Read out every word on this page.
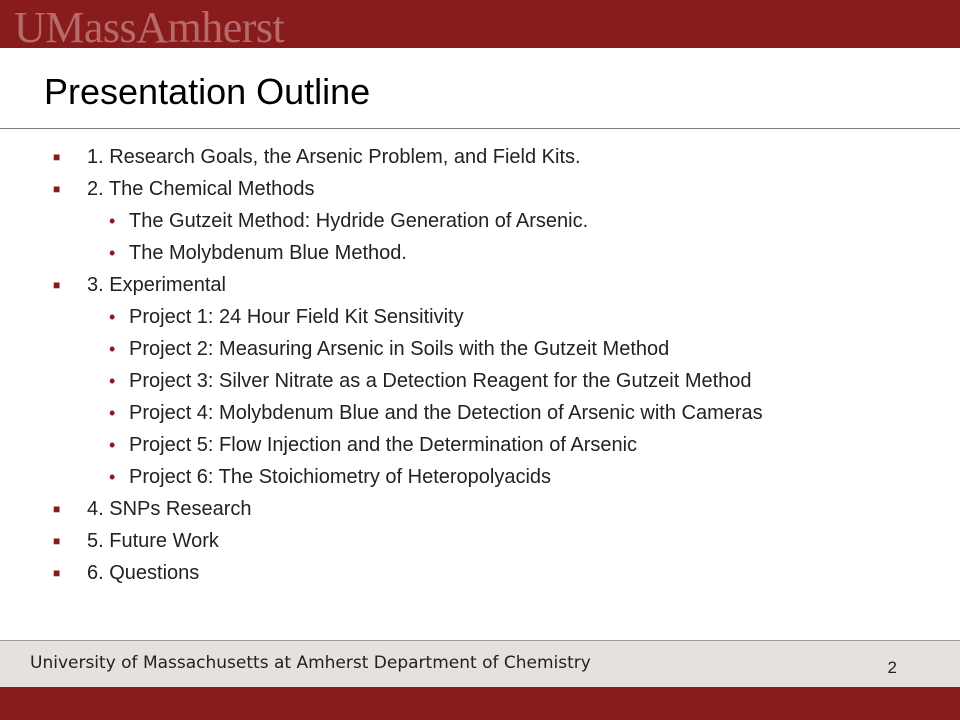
UMassAmherst
Presentation Outline
■ 1. Research Goals, the Arsenic Problem, and Field Kits.
■ 2. The Chemical Methods
• The Gutzeit Method: Hydride Generation of Arsenic.
• The Molybdenum Blue Method.
■ 3. Experimental
• Project 1: 24 Hour Field Kit Sensitivity
• Project 2: Measuring Arsenic in Soils with the Gutzeit Method
• Project 3: Silver Nitrate as a Detection Reagent for the Gutzeit Method
• Project 4: Molybdenum Blue and the Detection of Arsenic with Cameras
• Project 5: Flow Injection and the Determination of Arsenic
• Project 6: The Stoichiometry of Heteropolyacids
■ 4. SNPs Research
■ 5. Future Work
■ 6. Questions
University of Massachusetts at Amherst Department of Chemistry	2
